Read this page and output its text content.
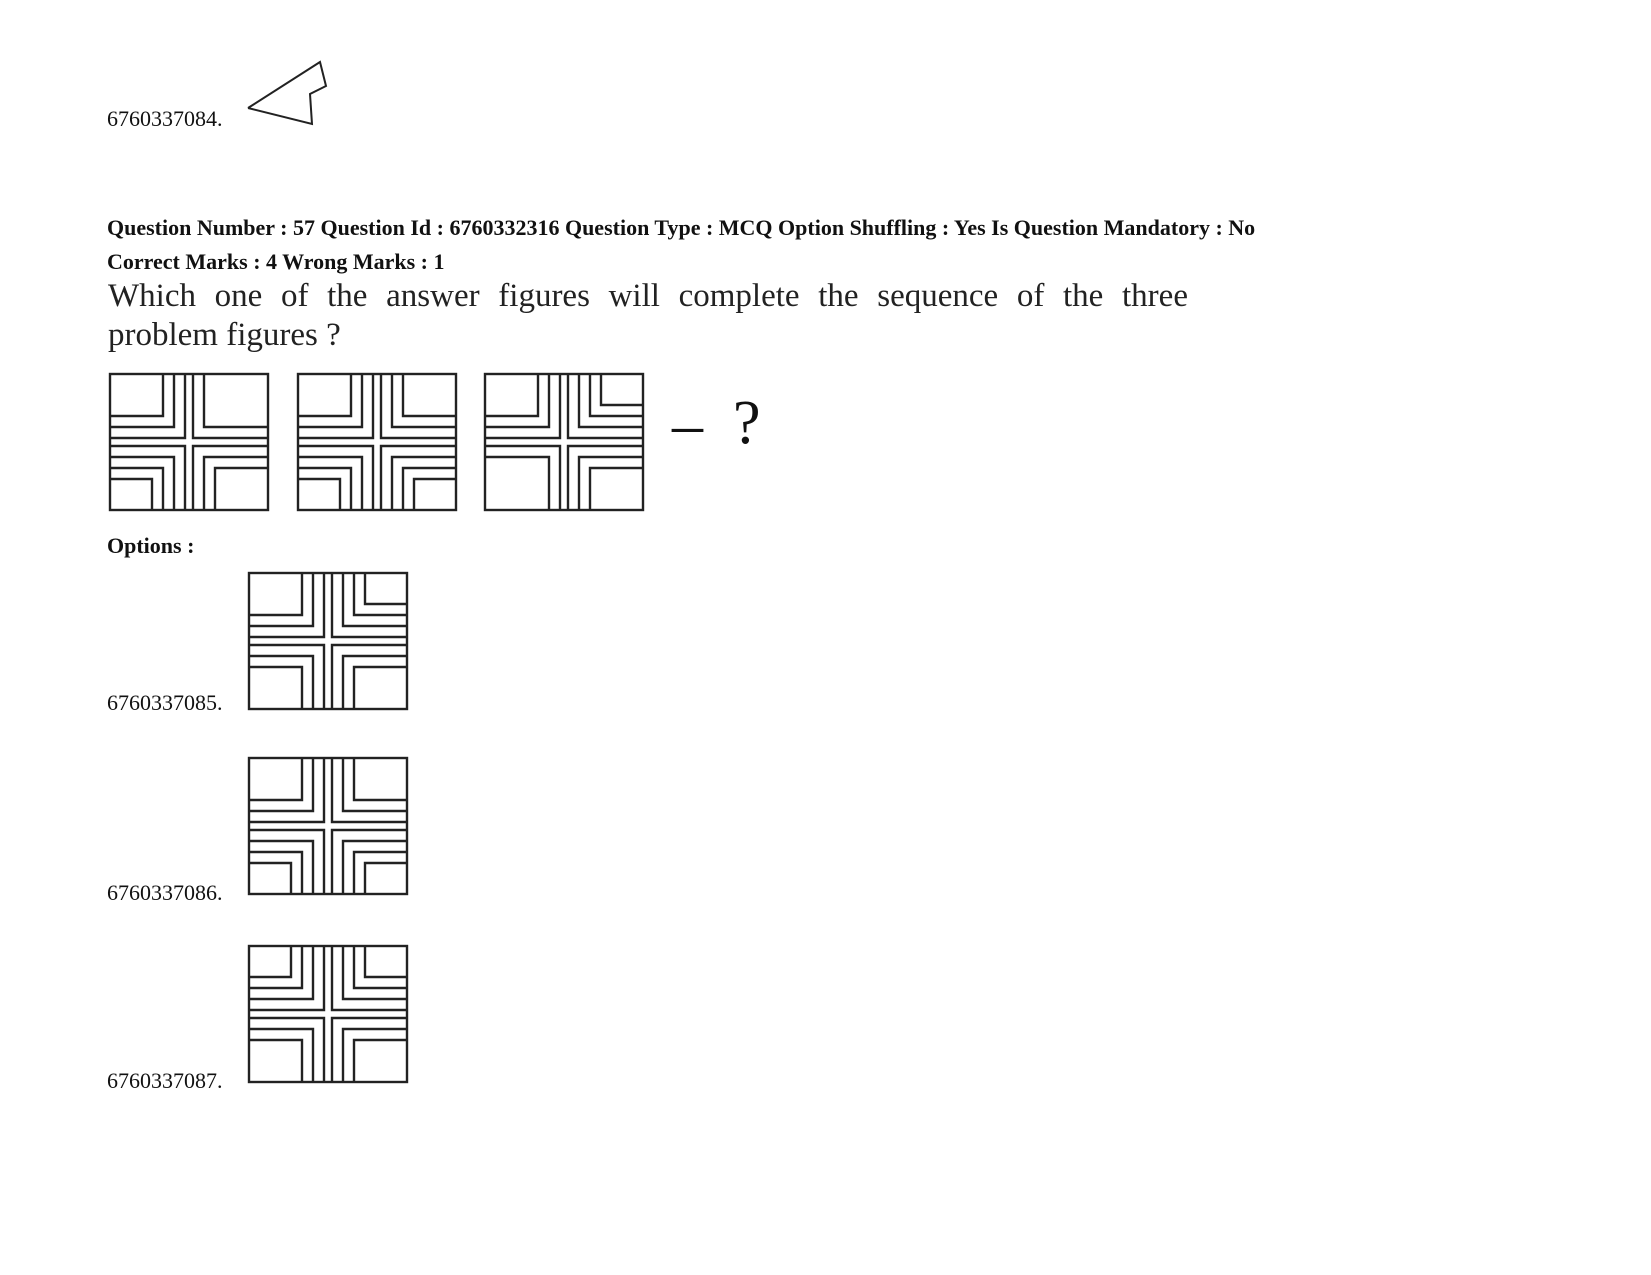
6760337084.
Question Number : 57 Question Id : 6760332316 Question Type : MCQ Option Shuffling : Yes Is Question Mandatory : No
Correct Marks : 4 Wrong Marks : 1
Which one of the answer figures will complete the sequence of the three
problem figures ?
– ?
Options :
6760337085.
6760337086.
6760337087.
